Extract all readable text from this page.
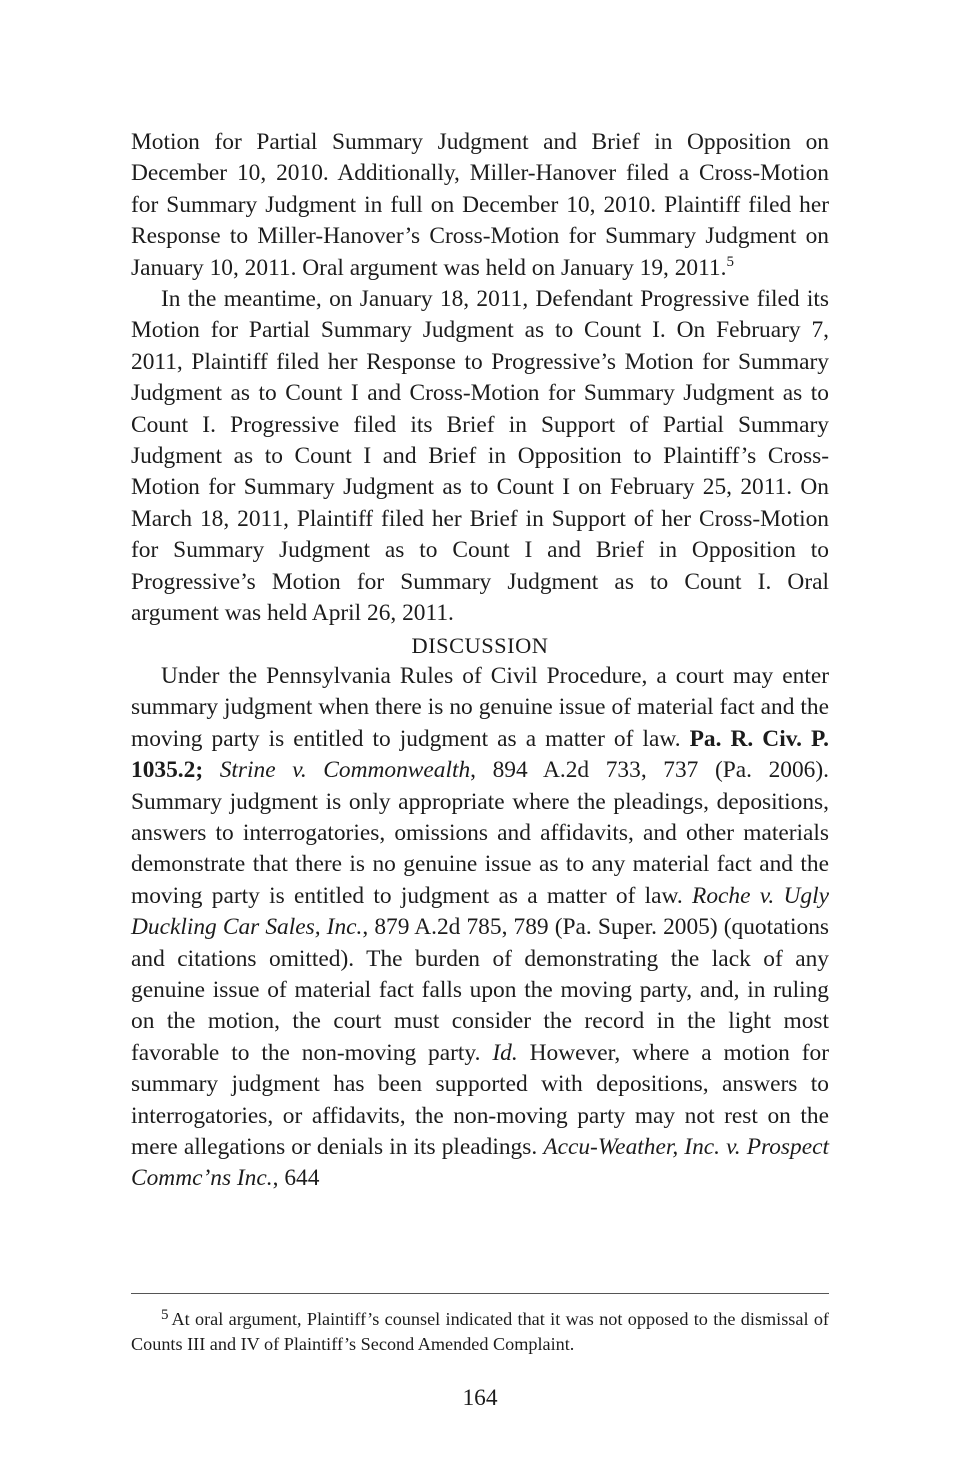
Motion for Partial Summary Judgment and Brief in Opposition on December 10, 2010. Additionally, Miller-Hanover filed a Cross-Motion for Summary Judgment in full on December 10, 2010. Plaintiff filed her Response to Miller-Hanover’s Cross-Motion for Summary Judgment on January 10, 2011. Oral argument was held on January 19, 2011.$^5$

In the meantime, on January 18, 2011, Defendant Progressive filed its Motion for Partial Summary Judgment as to Count I. On February 7, 2011, Plaintiff filed her Response to Progressive’s Motion for Summary Judgment as to Count I and Cross-Motion for Summary Judgment as to Count I. Progressive filed its Brief in Support of Partial Summary Judgment as to Count I and Brief in Opposition to Plaintiff’s Cross-Motion for Summary Judgment as to Count I on February 25, 2011. On March 18, 2011, Plaintiff filed her Brief in Support of her Cross-Motion for Summary Judgment as to Count I and Brief in Opposition to Progressive’s Motion for Summary Judgment as to Count I. Oral argument was held April 26, 2011.

DISCUSSION

Under the Pennsylvania Rules of Civil Procedure, a court may enter summary judgment when there is no genuine issue of material fact and the moving party is entitled to judgment as a matter of law. Pa. R. Civ. P. 1035.2; Strine v. Commonwealth, 894 A.2d 733, 737 (Pa. 2006). Summary judgment is only appropriate where the pleadings, depositions, answers to interrogatories, omissions and affidavits, and other materials demonstrate that there is no genuine issue as to any material fact and the moving party is entitled to judgment as a matter of law. Roche v. Ugly Duckling Car Sales, Inc., 879 A.2d 785, 789 (Pa. Super. 2005) (quotations and citations omitted). The burden of demonstrating the lack of any genuine issue of material fact falls upon the moving party, and, in ruling on the motion, the court must consider the record in the light most favorable to the non-moving party. Id. However, where a motion for summary judgment has been supported with depositions, answers to interrogatories, or affidavits, the non-moving party may not rest on the mere allegations or denials in its pleadings. Accu-Weather, Inc. v. Prospect Commc’ns Inc., 644

$^5$ At oral argument, Plaintiff’s counsel indicated that it was not opposed to the dismissal of Counts III and IV of Plaintiff’s Second Amended Complaint.

164
